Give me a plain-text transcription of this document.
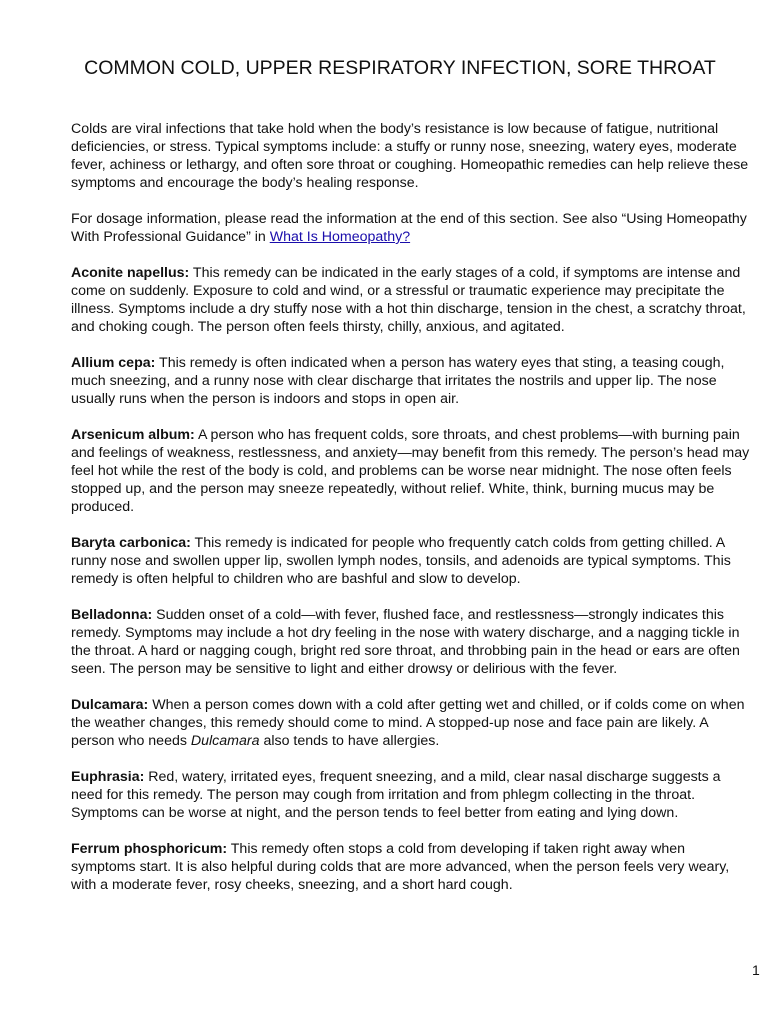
COMMON COLD, UPPER RESPIRATORY INFECTION, SORE THROAT

Colds are viral infections that take hold when the body’s resistance is low because of fatigue, nutritional deficiencies, or stress. Typical symptoms include: a stuffy or runny nose, sneezing, watery eyes, moderate fever, achiness or lethargy, and often sore throat or coughing. Homeopathic remedies can help relieve these symptoms and encourage the body’s healing response.

For dosage information, please read the information at the end of this section. See also “Using Homeopathy With Professional Guidance” in What Is Homeopathy?

Aconite napellus: This remedy can be indicated in the early stages of a cold, if symptoms are intense and come on suddenly. Exposure to cold and wind, or a stressful or traumatic experience may precipitate the illness. Symptoms include a dry stuffy nose with a hot thin discharge, tension in the chest, a scratchy throat, and choking cough. The person often feels thirsty, chilly, anxious, and agitated.

Allium cepa: This remedy is often indicated when a person has watery eyes that sting, a teasing cough, much sneezing, and a runny nose with clear discharge that irritates the nostrils and upper lip. The nose usually runs when the person is indoors and stops in open air.

Arsenicum album: A person who has frequent colds, sore throats, and chest problems—with burning pain and feelings of weakness, restlessness, and anxiety—may benefit from this remedy. The person’s head may feel hot while the rest of the body is cold, and problems can be worse near midnight. The nose often feels stopped up, and the person may sneeze repeatedly, without relief. White, think, burning mucus may be produced.

Baryta carbonica: This remedy is indicated for people who frequently catch colds from getting chilled. A runny nose and swollen upper lip, swollen lymph nodes, tonsils, and adenoids are typical symptoms. This remedy is often helpful to children who are bashful and slow to develop.

Belladonna: Sudden onset of a cold—with fever, flushed face, and restlessness—strongly indicates this remedy. Symptoms may include a hot dry feeling in the nose with watery discharge, and a nagging tickle in the throat. A hard or nagging cough, bright red sore throat, and throbbing pain in the head or ears are often seen. The person may be sensitive to light and either drowsy or delirious with the fever.

Dulcamara: When a person comes down with a cold after getting wet and chilled, or if colds come on when the weather changes, this remedy should come to mind. A stopped-up nose and face pain are likely. A person who needs Dulcamara also tends to have allergies.

Euphrasia: Red, watery, irritated eyes, frequent sneezing, and a mild, clear nasal discharge suggests a need for this remedy. The person may cough from irritation and from phlegm collecting in the throat. Symptoms can be worse at night, and the person tends to feel better from eating and lying down.

Ferrum phosphoricum: This remedy often stops a cold from developing if taken right away when symptoms start. It is also helpful during colds that are more advanced, when the person feels very weary, with a moderate fever, rosy cheeks, sneezing, and a short hard cough.

1
